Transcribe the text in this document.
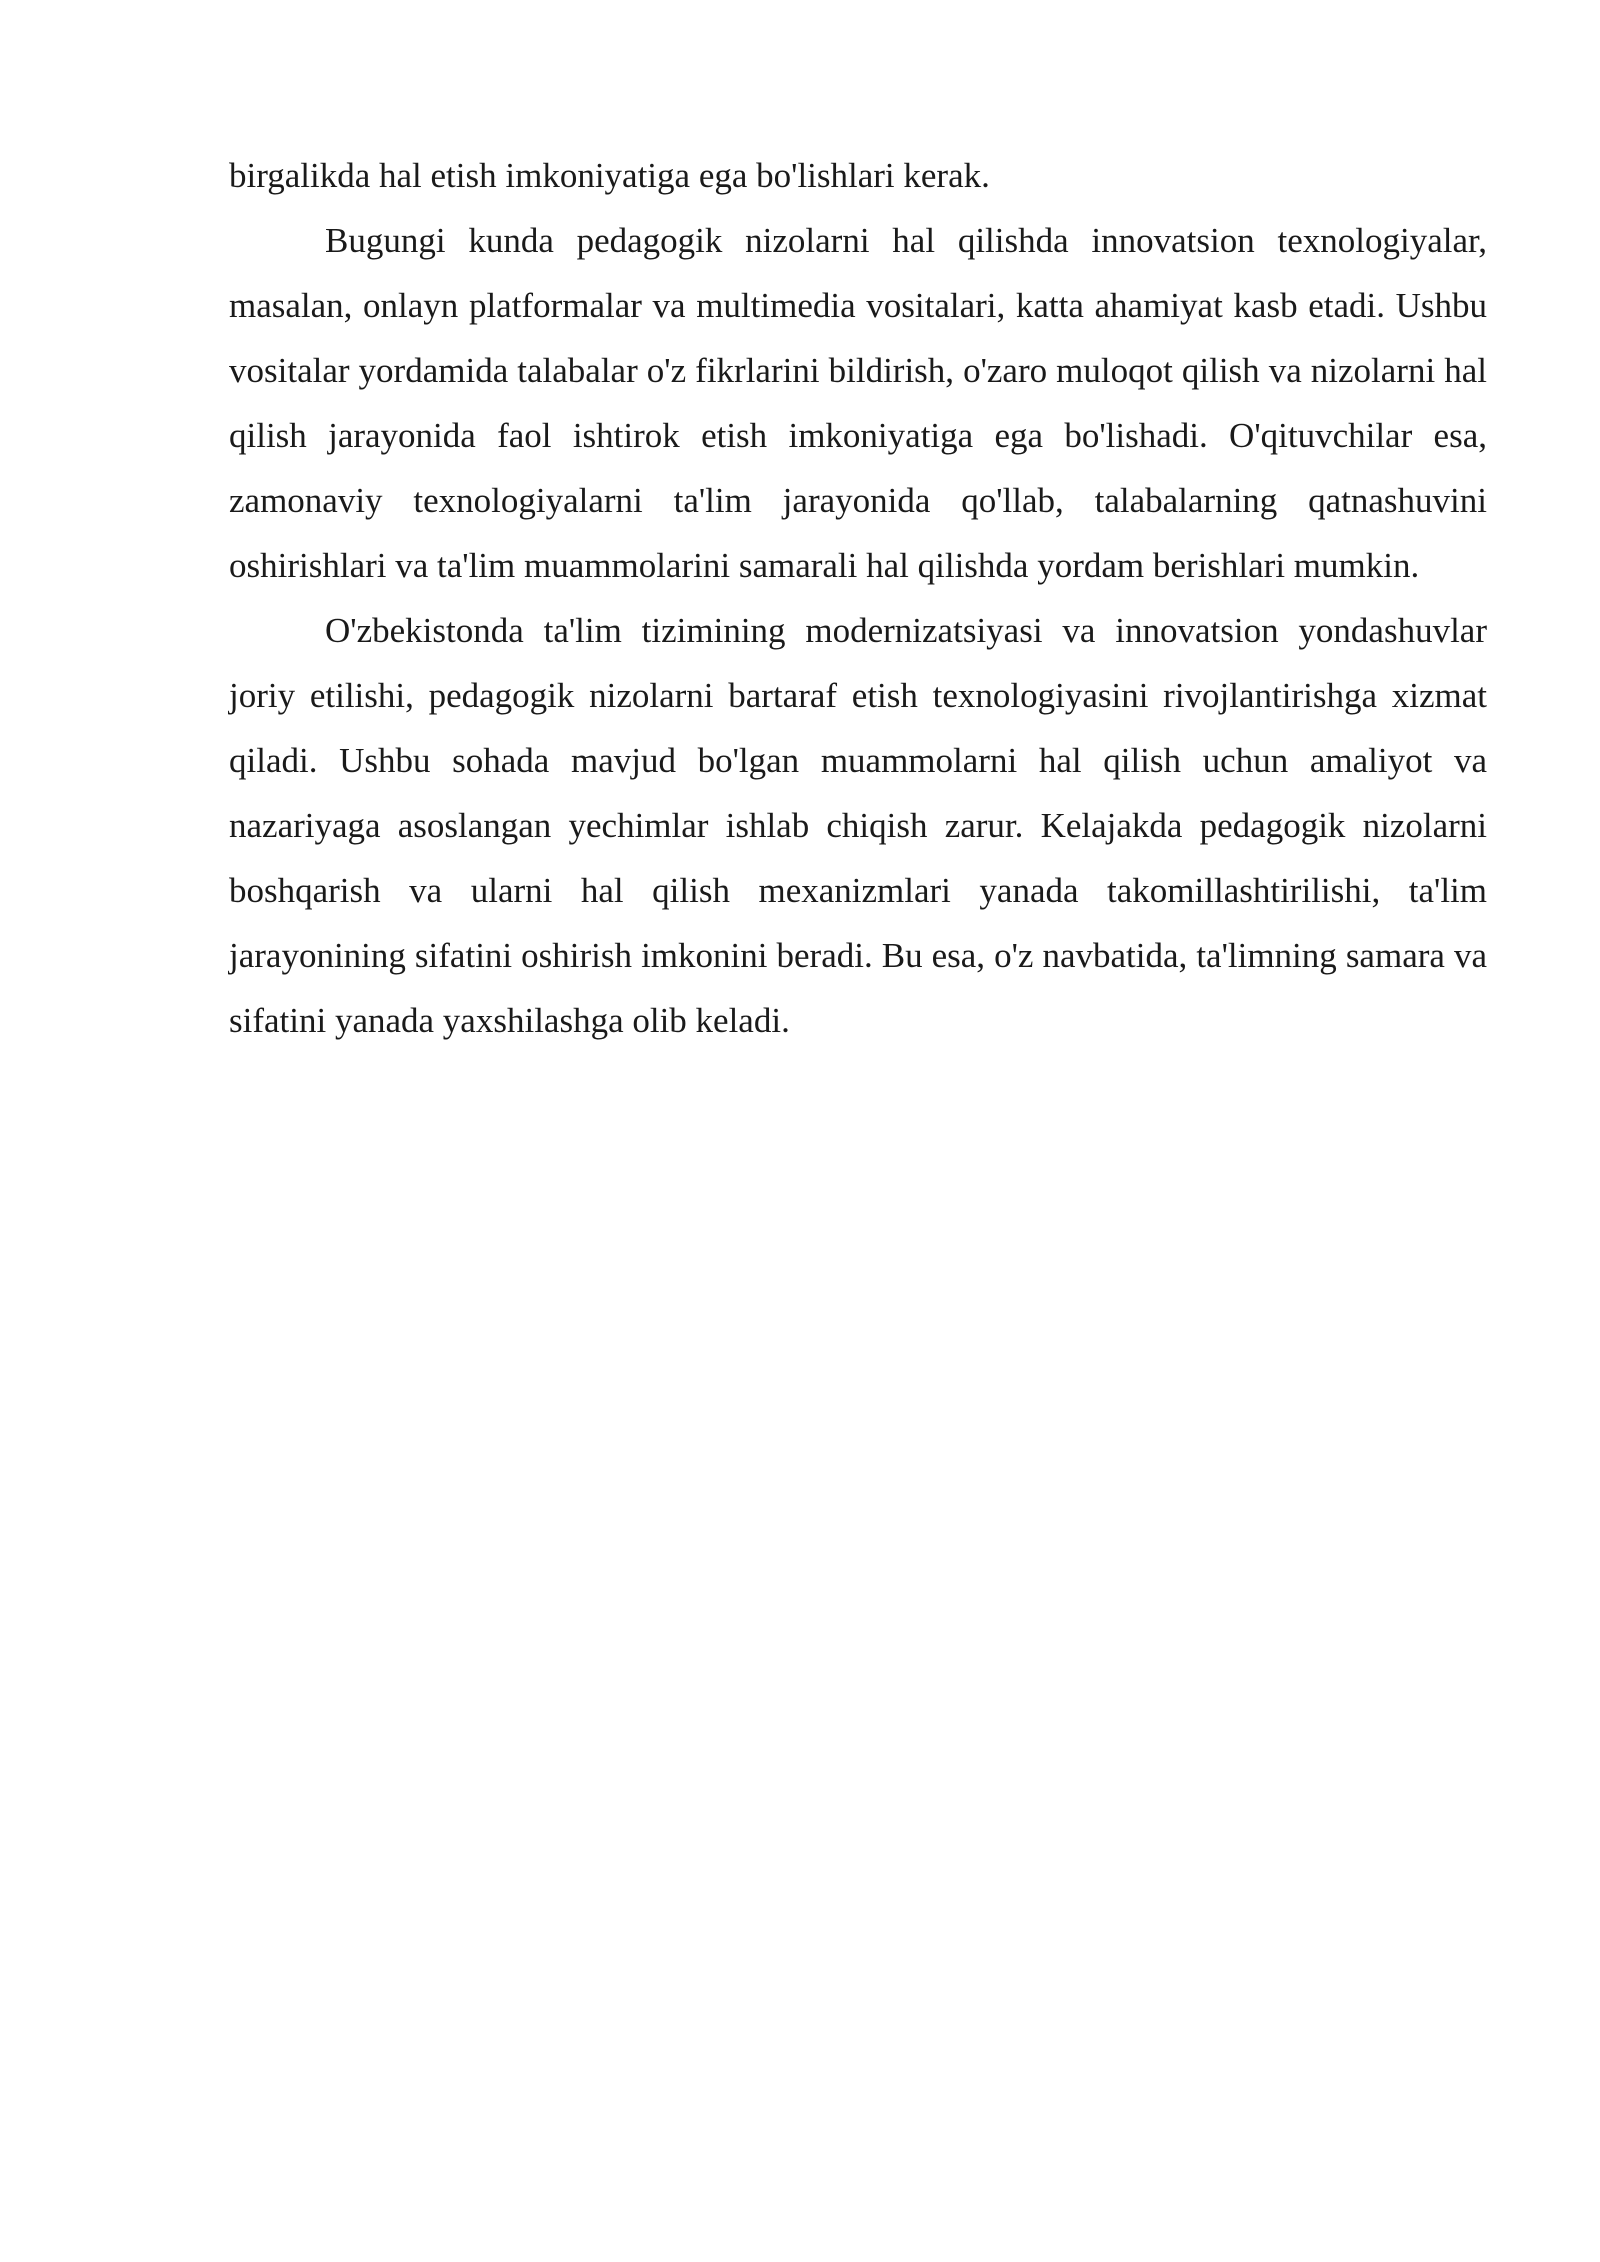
birgalikda hal etish imkoniyatiga ega bo'lishlari kerak.

Bugungi kunda pedagogik nizolarni hal qilishda innovatsion texnologiyalar, masalan, onlayn platformalar va multimedia vositalari, katta ahamiyat kasb etadi. Ushbu vositalar yordamida talabalar o'z fikrlarini bildirish, o'zaro muloqot qilish va nizolarni hal qilish jarayonida faol ishtirok etish imkoniyatiga ega bo'lishadi. O'qituvchilar esa, zamonaviy texnologiyalarni ta'lim jarayonida qo'llab, talabalarning qatnashuvini oshirishlari va ta'lim muammolarini samarali hal qilishda yordam berishlari mumkin.

O'zbekistonda ta'lim tizimining modernizatsiyasi va innovatsion yondashuvlar joriy etilishi, pedagogik nizolarni bartaraf etish texnologiyasini rivojlantirishga xizmat qiladi. Ushbu sohada mavjud bo'lgan muammolarni hal qilish uchun amaliyot va nazariyaga asoslangan yechimlar ishlab chiqish zarur. Kelajakda pedagogik nizolarni boshqarish va ularni hal qilish mexanizmlari yanada takomillashtirilishi, ta'lim jarayonining sifatini oshirish imkonini beradi. Bu esa, o'z navbatida, ta'limning samara va sifatini yanada yaxshilashga olib keladi.
